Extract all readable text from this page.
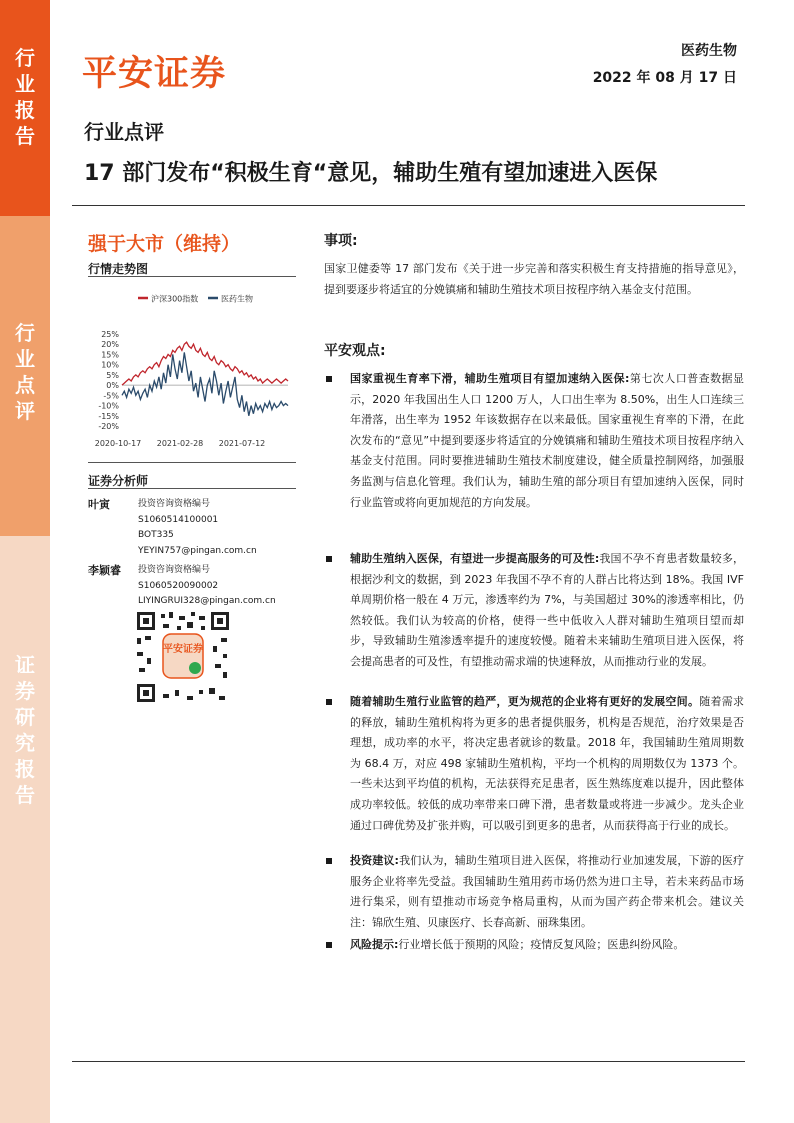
行
业
报
告
行
业
点
评
证
券
研
究
报
告
平安证券
医药生物
2022 年 08 月 17 日
行业点评
17 部门发布“积极生育“意见，辅助生殖有望加速进入医保
强于大市（维持）
行情走势图
沪深300指数	医药生物
25%
20%
15%
10%
5%
0%
-5%
-10%
-15%
-20%
2020-10-17 2021-02-28 2021-07-12
证券分析师
叶寅	投资咨询资格编号
S1060514100001
BOT335
YEYIN757@pingan.com.cn
李颖睿	投资咨询资格编号
S1060520090002
LIYINGRUI328@pingan.com.cn
平安证券
事项:
国家卫健委等 17 部门发布《关于进一步完善和落实积极生育支持措施的指导意见》，提到要逐步将适宜的分娩镇痛和辅助生殖技术项目按程序纳入基金支付范围。
平安观点:
国家重视生育率下滑，辅助生殖项目有望加速纳入医保:第七次人口普查数据显示，2020 年我国出生人口 1200 万人，人口出生率为 8.50%，出生人口连续三年滑落，出生率为 1952 年该数据存在以来最低。国家重视生育率的下滑，在此次发布的“意见”中提到要逐步将适宜的分娩镇痛和辅助生殖技术项目按程序纳入基金支付范围。同时要推进辅助生殖技术制度建设，健全质量控制网络，加强服务监测与信息化管理。我们认为，辅助生殖的部分项目有望加速纳入医保，同时行业监管或将向更加规范的方向发展。
辅助生殖纳入医保，有望进一步提高服务的可及性:我国不孕不育患者数量较多，根据沙利文的数据，到 2023 年我国不孕不育的人群占比将达到 18%。我国 IVF 单周期价格一般在 4 万元，渗透率约为 7%，与美国超过 30%的渗透率相比，仍然较低。我们认为较高的价格，使得一些中低收入人群对辅助生殖项目望而却步，导致辅助生殖渗透率提升的速度较慢。随着未来辅助生殖项目进入医保，将会提高患者的可及性，有望推动需求端的快速释放，从而推动行业的发展。
随着辅助生殖行业监管的趋严，更为规范的企业将有更好的发展空间。随着需求的释放，辅助生殖机构将为更多的患者提供服务，机构是否规范，治疗效果是否理想，成功率的水平，将决定患者就诊的数量。2018 年，我国辅助生殖周期数为 68.4 万，对应 498 家辅助生殖机构，平均一个机构的周期数仅为 1373 个。一些未达到平均值的机构，无法获得充足患者，医生熟练度难以提升，因此整体成功率较低。较低的成功率带来口碑下滑，患者数量或将进一步减少。龙头企业通过口碑优势及扩张并购，可以吸引到更多的患者，从而获得高于行业的成长。
投资建议:我们认为，辅助生殖项目进入医保，将推动行业加速发展，下游的医疗服务企业将率先受益。我国辅助生殖用药市场仍然为进口主导，若未来药品市场进行集采，则有望推动市场竞争格局重构，从而为国产药企带来机会。建议关注：锦欣生殖、贝康医疗、长春高新、丽珠集团。
风险提示:行业增长低于预期的风险；疫情反复风险；医患纠纷风险。
